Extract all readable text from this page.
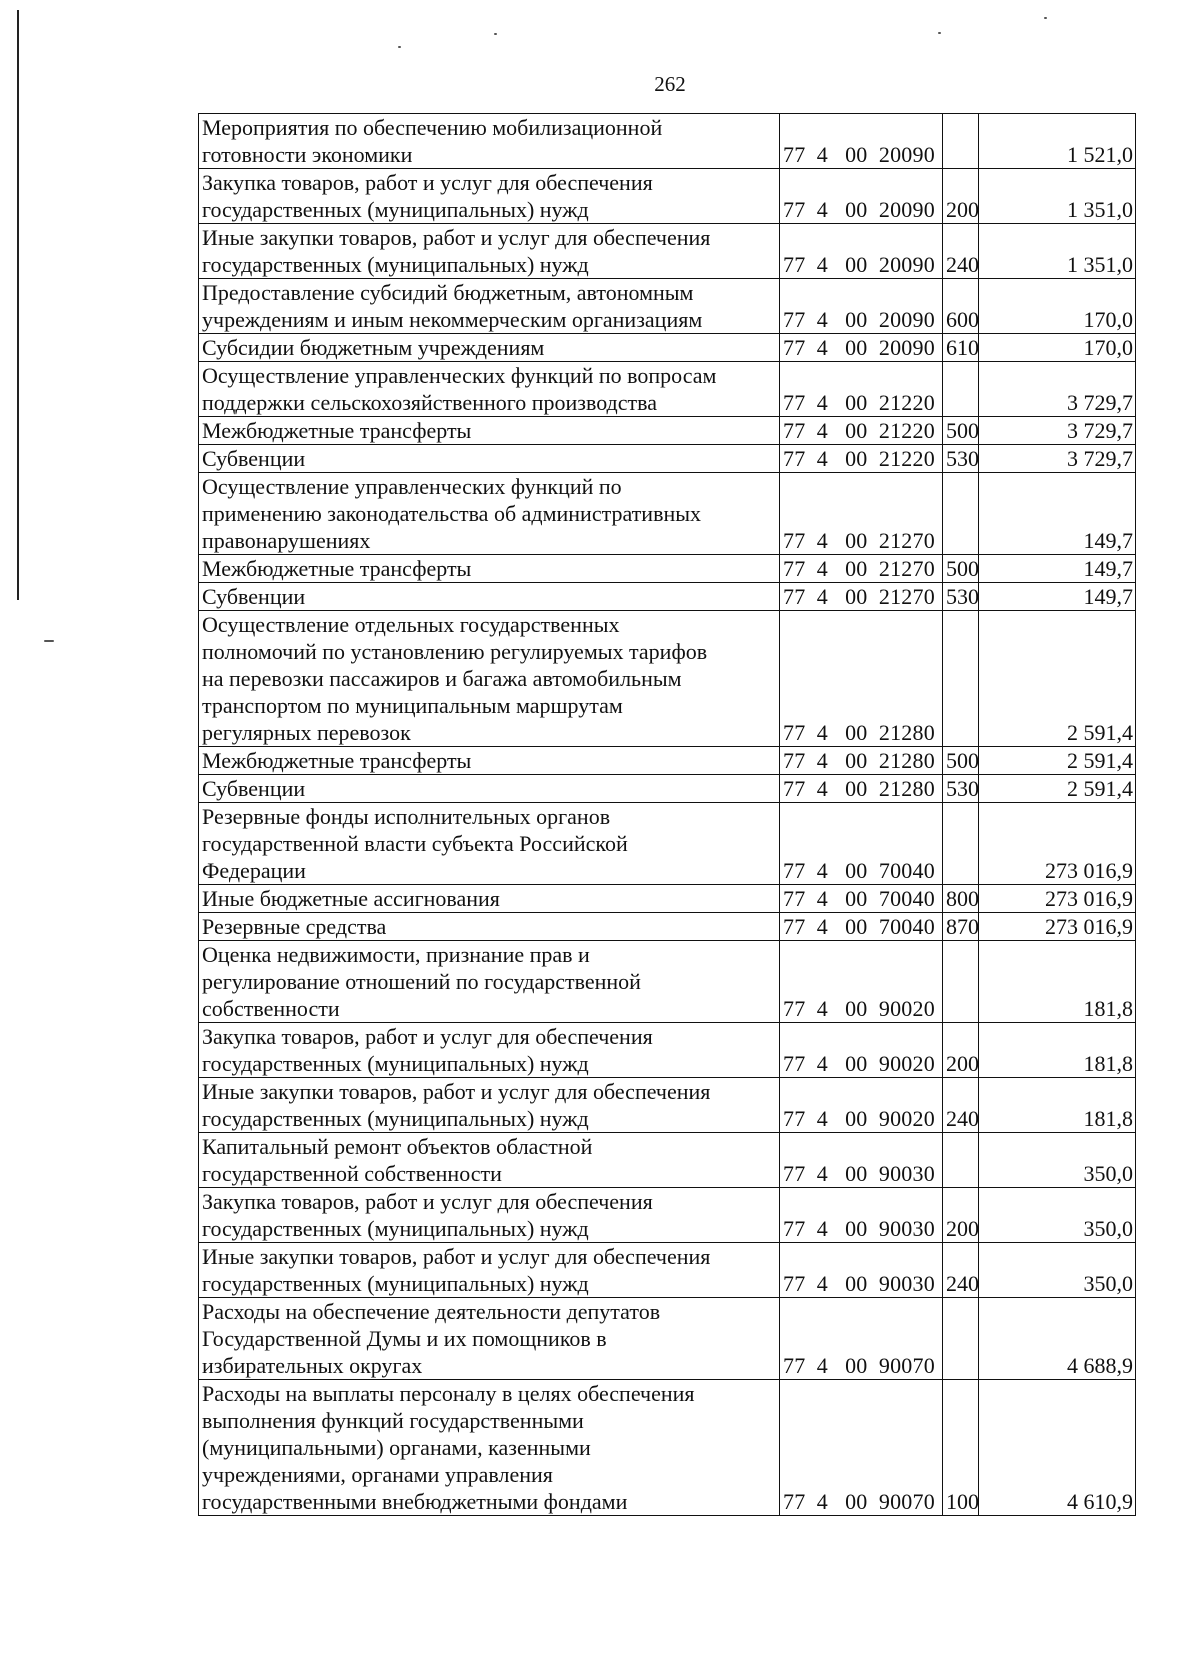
262
Мероприятия по обеспечению мобилизационной
готовности экономики	77  4   00  20090		1 521,0

Закупка товаров, работ и услуг для обеспечения
государственных (муниципальных) нужд	77  4   00  20090	200	1 351,0

Иные закупки товаров, работ и услуг для обеспечения
государственных (муниципальных) нужд	77  4   00  20090	240	1 351,0

Предоставление субсидий бюджетным, автономным
учреждениям и иным некоммерческим организациям	77  4   00  20090	600	170,0

Субсидии бюджетным учреждениям	77  4   00  20090	610	170,0

Осуществление управленческих функций по вопросам
поддержки сельскохозяйственного производства	77  4   00  21220		3 729,7

Межбюджетные трансферты	77  4   00  21220	500	3 729,7

Субвенции	77  4   00  21220	530	3 729,7

Осуществление управленческих функций по
применению законодательства об административных
правонарушениях	77  4   00  21270		149,7

Межбюджетные трансферты	77  4   00  21270	500	149,7

Субвенции	77  4   00  21270	530	149,7

Осуществление отдельных государственных
полномочий по установлению регулируемых тарифов
на перевозки пассажиров и багажа автомобильным
транспортом по муниципальным маршрутам
регулярных перевозок	77  4   00  21280		2 591,4

Межбюджетные трансферты	77  4   00  21280	500	2 591,4

Субвенции	77  4   00  21280	530	2 591,4

Резервные фонды исполнительных органов
государственной власти субъекта Российской
Федерации	77  4   00  70040		273 016,9

Иные бюджетные ассигнования	77  4   00  70040	800	273 016,9

Резервные средства	77  4   00  70040	870	273 016,9

Оценка недвижимости, признание прав и
регулирование отношений по государственной
собственности	77  4   00  90020		181,8

Закупка товаров, работ и услуг для обеспечения
государственных (муниципальных) нужд	77  4   00  90020	200	181,8

Иные закупки товаров, работ и услуг для обеспечения
государственных (муниципальных) нужд	77  4   00  90020	240	181,8

Капитальный ремонт объектов областной
государственной собственности	77  4   00  90030		350,0

Закупка товаров, работ и услуг для обеспечения
государственных (муниципальных) нужд	77  4   00  90030	200	350,0

Иные закупки товаров, работ и услуг для обеспечения
государственных (муниципальных) нужд	77  4   00  90030	240	350,0

Расходы на обеспечение деятельности депутатов
Государственной Думы и их помощников в
избирательных округах	77  4   00  90070		4 688,9

Расходы на выплаты персоналу в целях обеспечения
выполнения функций государственными
(муниципальными) органами, казенными
учреждениями, органами управления
государственными внебюджетными фондами	77  4   00  90070	100	4 610,9
